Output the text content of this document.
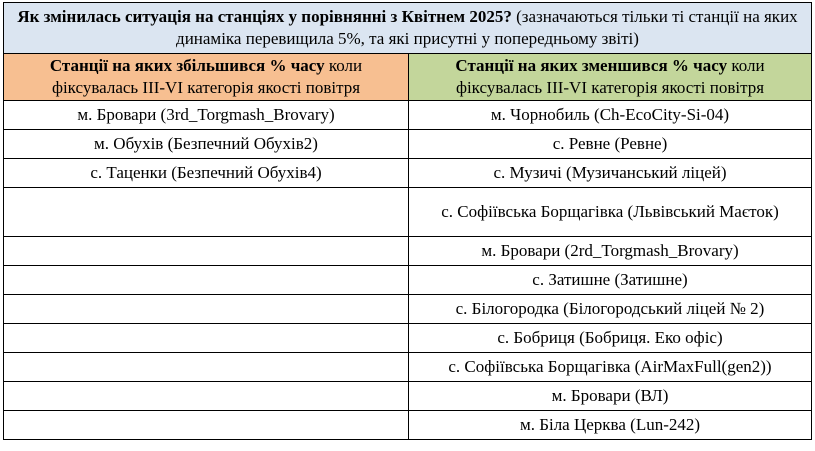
Як змінилась ситуація на станціях у порівнянні з Квітнем 2025? (зазначаються тільки ті станції на яких динаміка перевищила 5%, та які присутні у попередньому звіті)	
Станції на яких збільшився % часу коли фіксувалась ІІІ-VI категорія якості повітря	Станції на яких зменшився % часу коли фіксувалась ІІІ-VI категорія якості повітря
м. Бровари (3rd_Torgmash_Brovary)	м. Чорнобиль (Ch-EcoCity-Si-04)
м. Обухів (Безпечний Обухів2)	с. Ревне (Ревне)
с. Таценки (Безпечний Обухів4)	с. Музичі (Музичанський ліцей)
	с. Софіївська Борщагівка (Львівський Маєток)
	м. Бровари (2rd_Torgmash_Brovary)
	с. Затишне (Затишне)
	с. Білогородка (Білогородський ліцей № 2)
	с. Бобриця (Бобриця. Еко офіс)
	с. Софіївська Борщагівка (AirMaxFull(gen2))
	м. Бровари (ВЛ)
	м. Біла Церква (Lun-242)
